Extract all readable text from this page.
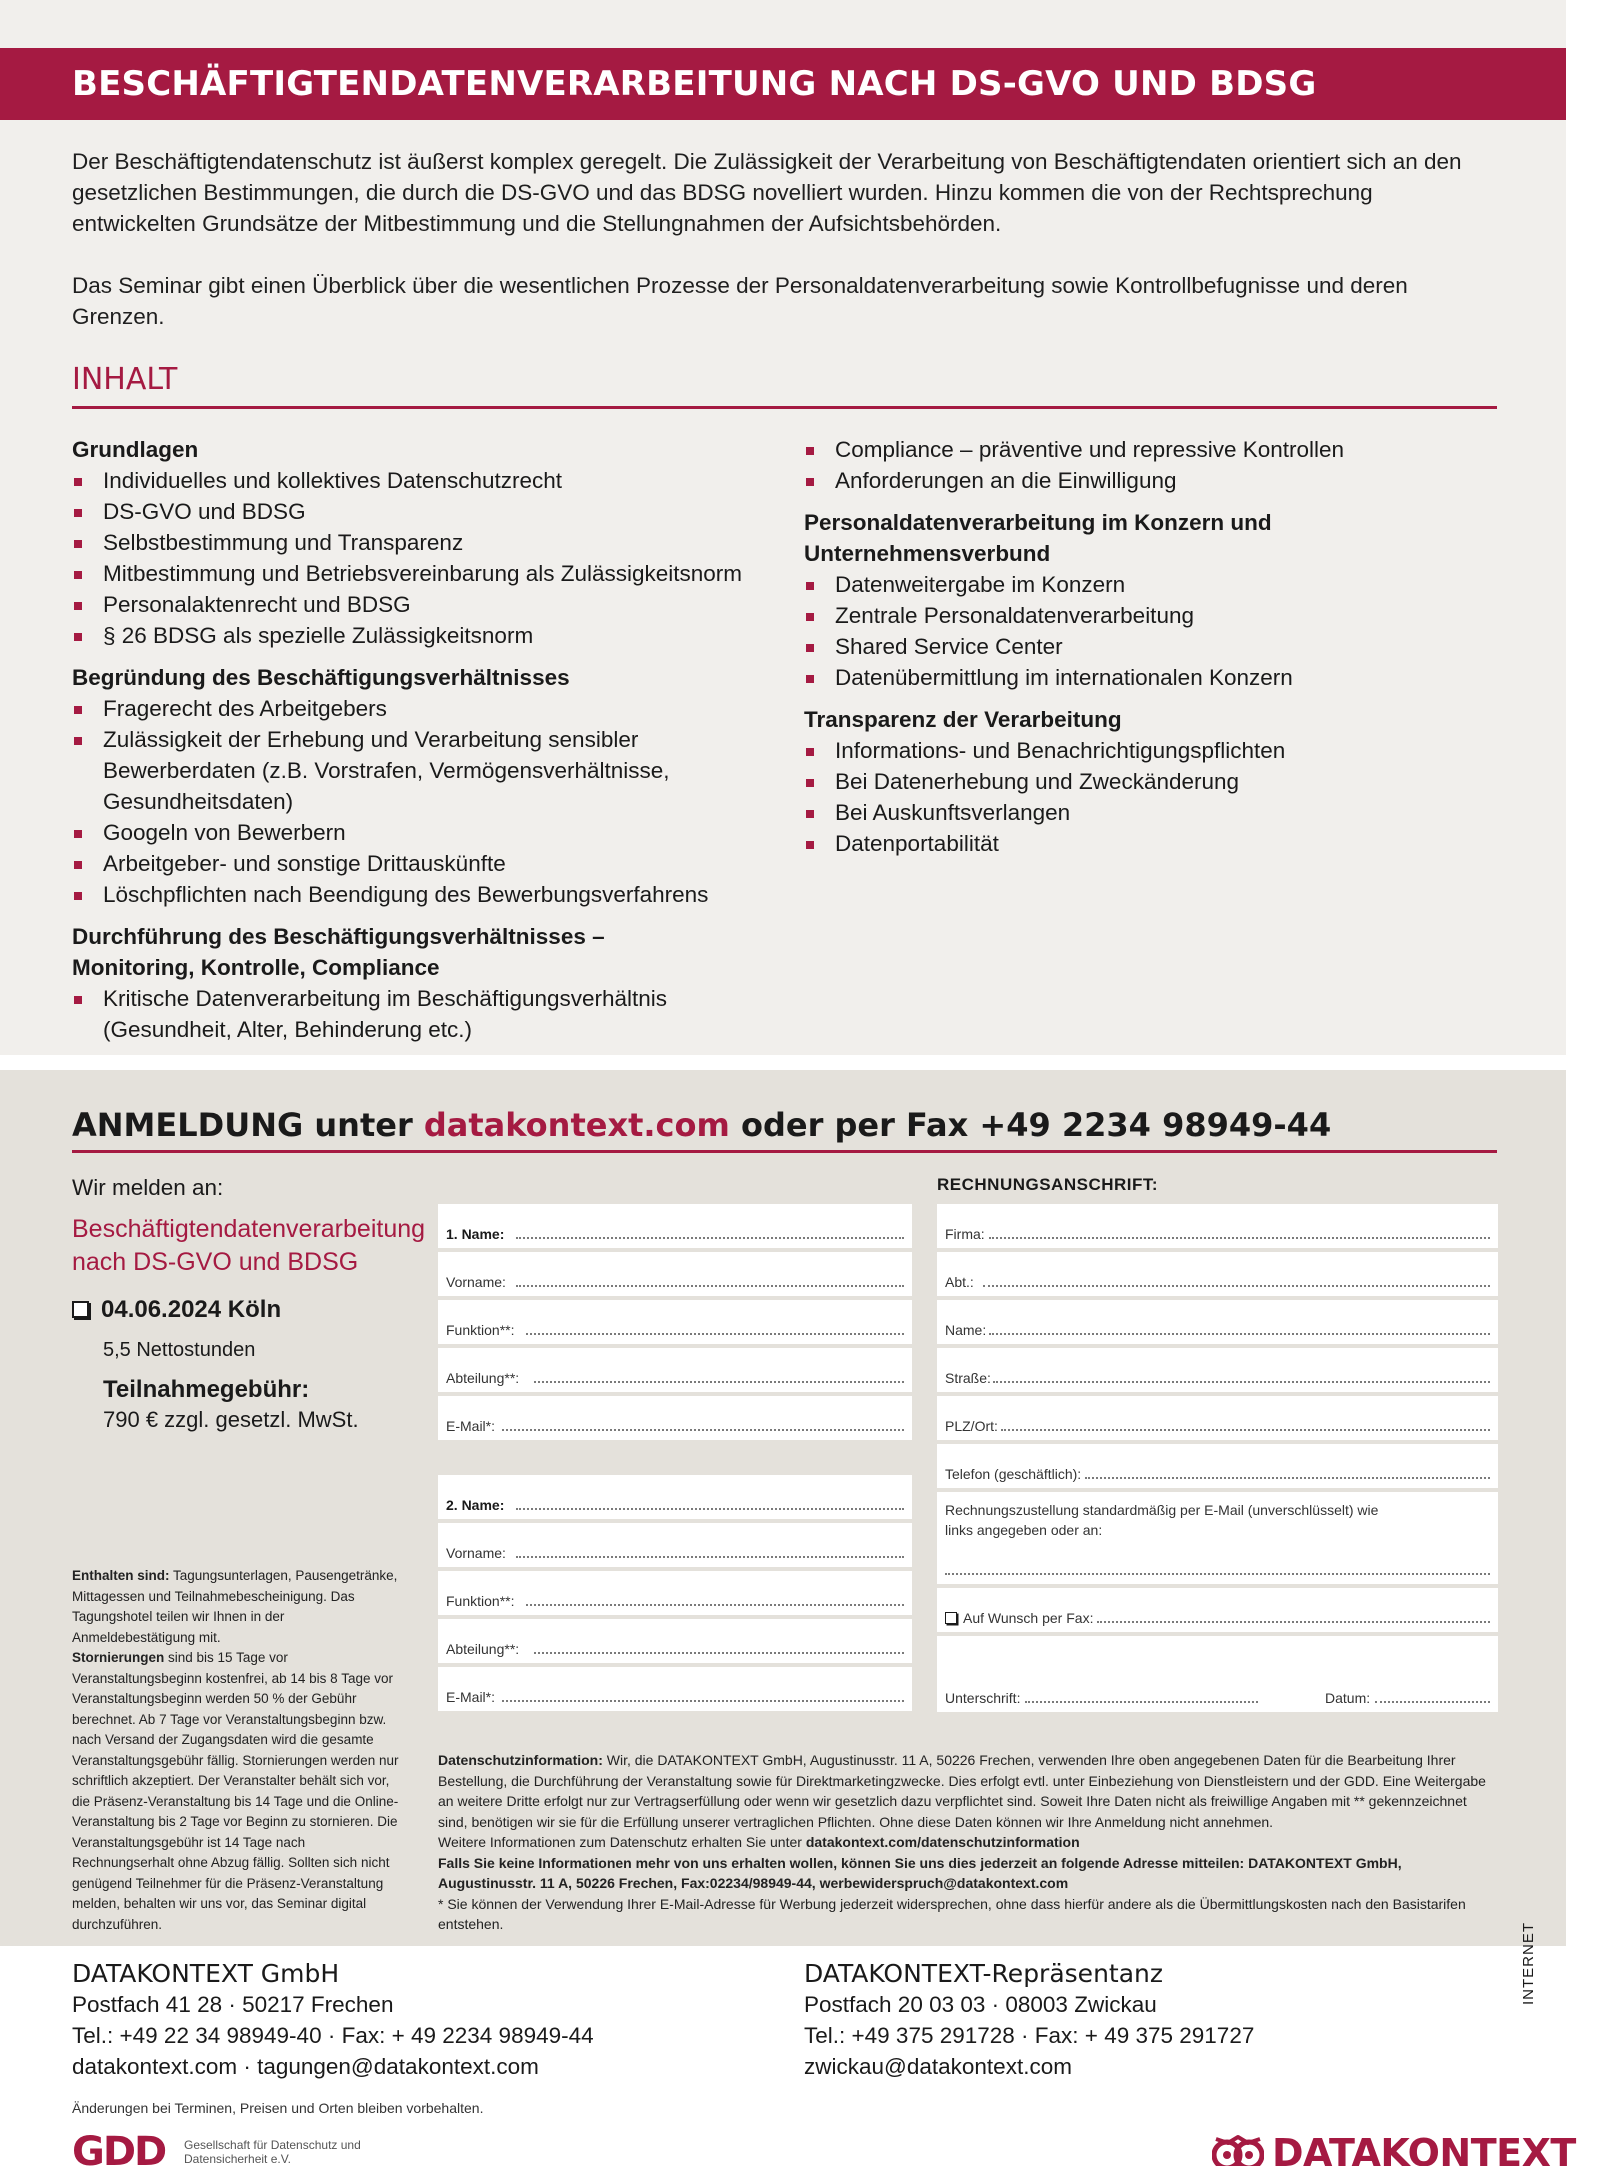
BESCHÄFTIGTENDATENVERARBEITUNG NACH DS-GVO UND BDSG

Der Beschäftigtendatenschutz ist äußerst komplex geregelt. Die Zulässigkeit der Verarbeitung von Beschäftigtendaten orientiert sich an den gesetzlichen Bestimmungen, die durch die DS-GVO und das BDSG novelliert wurden. Hinzu kommen die von der Rechtsprechung entwickelten Grundsätze der Mitbestimmung und die Stellungnahmen der Aufsichtsbehörden.

Das Seminar gibt einen Überblick über die wesentlichen Prozesse der Personaldatenverarbeitung sowie Kontrollbefugnisse und deren Grenzen.

INHALT
Grundlagen
Individuelles und kollektives Datenschutzrecht
DS-GVO und BDSG
Selbstbestimmung und Transparenz
Mitbestimmung und Betriebsvereinbarung als Zulässigkeitsnorm
Personalaktenrecht und BDSG
§ 26 BDSG als spezielle Zulässigkeitsnorm
Begründung des Beschäftigungsverhältnisses
Fragerecht des Arbeitgebers
Zulässigkeit der Erhebung und Verarbeitung sensibler Bewerberdaten (z.B. Vorstrafen, Vermögensverhältnisse, Gesundheitsdaten)
Googeln von Bewerbern
Arbeitgeber- und sonstige Drittauskünfte
Löschpflichten nach Beendigung des Bewerbungsverfahrens
Durchführung des Beschäftigungsverhältnisses – Monitoring, Kontrolle, Compliance
Kritische Datenverarbeitung im Beschäftigungsverhältnis (Gesundheit, Alter, Behinderung etc.)
Compliance – präventive und repressive Kontrollen
Anforderungen an die Einwilligung
Personaldatenverarbeitung im Konzern und Unternehmensverbund
Datenweitergabe im Konzern
Zentrale Personaldatenverarbeitung
Shared Service Center
Datenübermittlung im internationalen Konzern
Transparenz der Verarbeitung
Informations- und Benachrichtigungspflichten
Bei Datenerhebung und Zweckänderung
Bei Auskunftsverlangen
Datenportabilität
ANMELDUNG unter datakontext.com oder per Fax +49 2234 98949-44
Wir melden an:	RECHNUNGSANSCHRIFT:
Beschäftigtendatenverarbeitung nach DS-GVO und BDSG
04.06.2024 Köln
5,5 Nettostunden
Teilnahmegebühr:
790 € zzgl. gesetzl. MwSt.
1. Name:
Vorname:
Funktion**:
Abteilung**:
E-Mail*:
2. Name:
Vorname:
Funktion**:
Abteilung**:
E-Mail*:
Firma:
Abt.:
Name:
Straße:
PLZ/Ort:
Telefon (geschäftlich):
Rechnungszustellung standardmäßig per E-Mail (unverschlüsselt) wie links angegeben oder an:
Auf Wunsch per Fax:
Unterschrift:	Datum:
Enthalten sind: Tagungsunterlagen, Pausengetränke, Mittagessen und Teilnahmebescheinigung. Das Tagungshotel teilen wir Ihnen in der Anmeldebestätigung mit.
Stornierungen sind bis 15 Tage vor Veranstaltungsbeginn kostenfrei, ab 14 bis 8 Tage vor Veranstaltungsbeginn werden 50 % der Gebühr berechnet. Ab 7 Tage vor Veranstaltungsbeginn bzw. nach Versand der Zugangsdaten wird die gesamte Veranstaltungsgebühr fällig. Stornierungen werden nur schriftlich akzeptiert. Der Veranstalter behält sich vor, die Präsenz-Veranstaltung bis 14 Tage und die Online-Veranstaltung bis 2 Tage vor Beginn zu stornieren. Die Veranstaltungsgebühr ist 14 Tage nach Rechnungserhalt ohne Abzug fällig. Sollten sich nicht genügend Teilnehmer für die Präsenz-Veranstaltung melden, behalten wir uns vor, das Seminar digital durchzuführen.
Datenschutzinformation: Wir, die DATAKONTEXT GmbH, Augustinusstr. 11 A, 50226 Frechen, verwenden Ihre oben angegebenen Daten für die Bearbeitung Ihrer Bestellung, die Durchführung der Veranstaltung sowie für Direktmarketingzwecke. Dies erfolgt evtl. unter Einbeziehung von Dienstleistern und der GDD. Eine Weitergabe an weitere Dritte erfolgt nur zur Vertragserfüllung oder wenn wir gesetzlich dazu verpflichtet sind. Soweit Ihre Daten nicht als freiwillige Angaben mit ** gekennzeichnet sind, benötigen wir sie für die Erfüllung unserer vertraglichen Pflichten. Ohne diese Daten können wir Ihre Anmeldung nicht annehmen.
Weitere Informationen zum Datenschutz erhalten Sie unter datakontext.com/datenschutzinformation
Falls Sie keine Informationen mehr von uns erhalten wollen, können Sie uns dies jederzeit an folgende Adresse mitteilen: DATAKONTEXT GmbH, Augustinusstr. 11 A, 50226 Frechen, Fax:02234/98949-44, werbewiderspruch@datakontext.com
* Sie können der Verwendung Ihrer E-Mail-Adresse für Werbung jederzeit widersprechen, ohne dass hierfür andere als die Übermittlungskosten nach den Basistarifen entstehen.
DATAKONTEXT GmbH
Postfach 41 28 · 50217 Frechen
Tel.: +49 22 34 98949-40 · Fax: + 49 2234 98949-44
datakontext.com · tagungen@datakontext.com
DATAKONTEXT-Repräsentanz
Postfach 20 03 03 · 08003 Zwickau
Tel.: +49 375 291728 · Fax: + 49 375 291727
zwickau@datakontext.com
INTERNET
Änderungen bei Terminen, Preisen und Orten bleiben vorbehalten.
GDD Gesellschaft für Datenschutz und Datensicherheit e.V.	DATAKONTEXT
